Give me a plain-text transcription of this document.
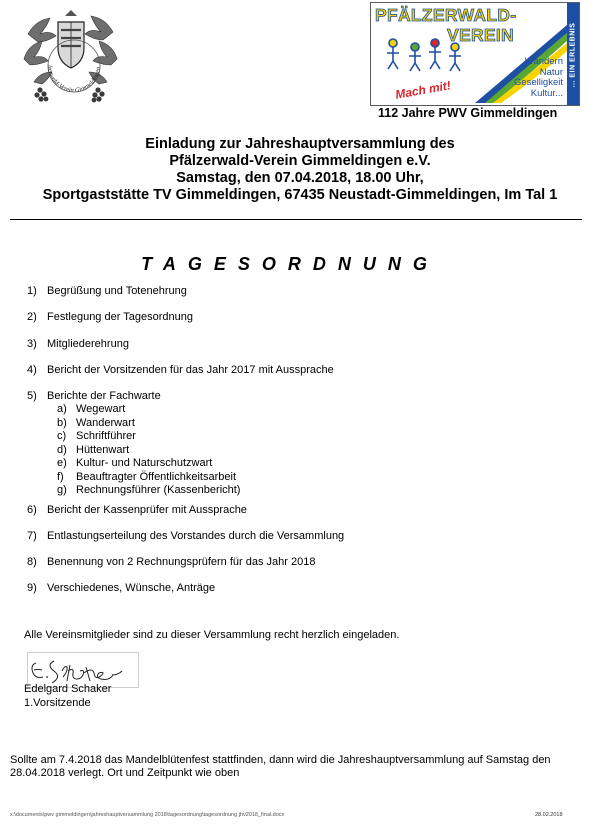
lzerwald-Verein Gimmeldingen
PFÄLZERWALD-
VEREIN
Wandern
Natur
Geselligkeit
Kultur...
Mach mit!
... EIN ERLEBNIS
112 Jahre PWV Gimmeldingen
Einladung zur Jahreshauptversammlung des
Pfälzerwald-Verein Gimmeldingen e.V.
Samstag, den 07.04.2018, 18.00 Uhr,
Sportgaststätte TV Gimmeldingen, 67435 Neustadt-Gimmeldingen, Im Tal 1
TAGESORDNUNG
1) Begrüßung und Totenehrung
2) Festlegung der Tagesordnung
3) Mitgliederehrung
4) Bericht der Vorsitzenden für das Jahr 2017 mit Aussprache
5) Berichte der Fachwarte
a) Wegewart
b) Wanderwart
c) Schriftführer
d) Hüttenwart
e) Kultur- und Naturschutzwart
f) Beauftragter Öffentlichkeitsarbeit
g) Rechnungsführer (Kassenbericht)
6) Bericht der Kassenprüfer mit Aussprache
7) Entlastungserteilung des Vorstandes durch die Versammlung
8) Benennung von 2 Rechnungsprüfern für das Jahr 2018
9) Verschiedenes, Wünsche, Anträge
Alle Vereinsmitglieder sind zu dieser Versammlung recht herzlich eingeladen.
Edelgard Schaker
1.Vorsitzende
Sollte am 7.4.2018 das Mandelblütenfest stattfinden, dann wird die Jahreshauptversammlung auf Samstag den 28.04.2018 verlegt. Ort und Zeitpunkt wie oben
x:\documents\pwv gimmeldingen\jahreshauptversammlung 2018\tagesordnung\tagesordnung jhv2018_final.docx	28.02.2018
